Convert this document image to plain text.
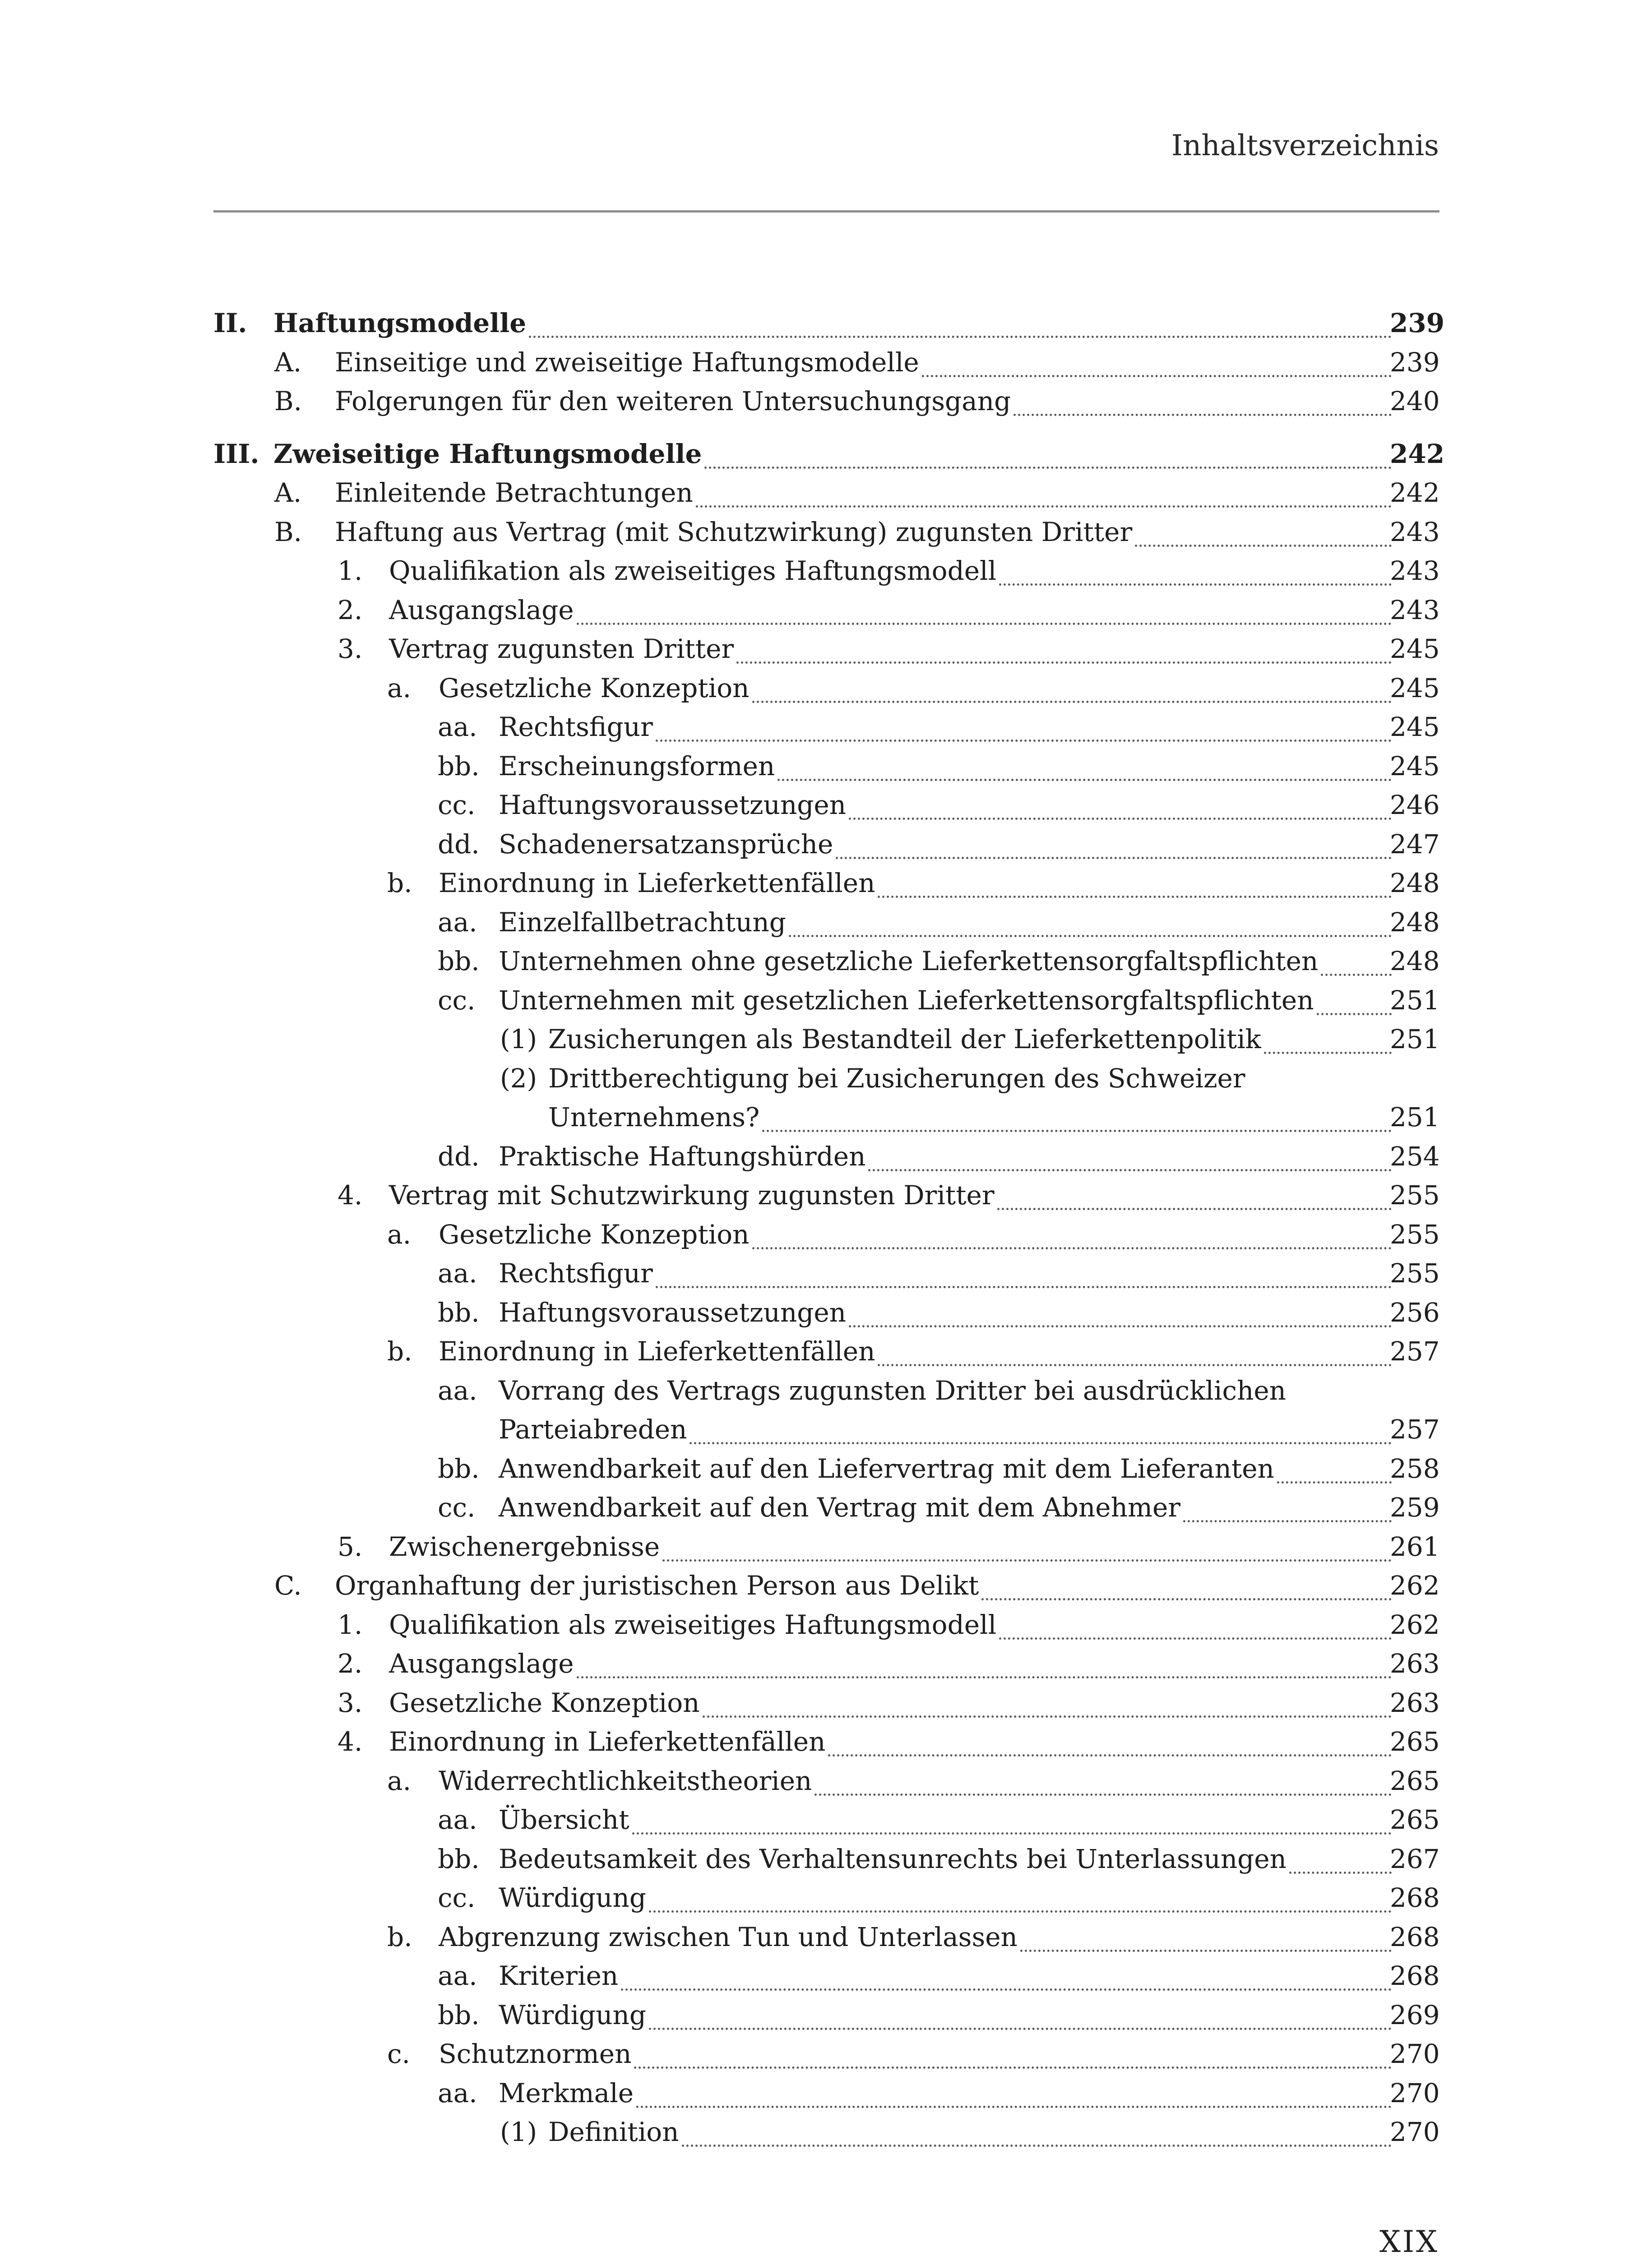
Inhaltsverzeichnis
II. Haftungsmodelle	239
A. Einseitige und zweiseitige Haftungsmodelle	239
B. Folgerungen für den weiteren Untersuchungsgang	240
III. Zweiseitige Haftungsmodelle	242
A. Einleitende Betrachtungen	242
B. Haftung aus Vertrag (mit Schutzwirkung) zugunsten Dritter	243
1. Qualifikation als zweiseitiges Haftungsmodell	243
2. Ausgangslage	243
3. Vertrag zugunsten Dritter	245
a. Gesetzliche Konzeption	245
aa. Rechtsfigur	245
bb. Erscheinungsformen	245
cc. Haftungsvoraussetzungen	246
dd. Schadenersatzansprüche	247
b. Einordnung in Lieferkettenfällen	248
aa. Einzelfallbetrachtung	248
bb. Unternehmen ohne gesetzliche Lieferkettensorgfaltspflichten	248
cc. Unternehmen mit gesetzlichen Lieferkettensorgfaltspflichten	251
(1) Zusicherungen als Bestandteil der Lieferkettenpolitik	251
(2) Drittberechtigung bei Zusicherungen des Schweizer
Unternehmens?	251
dd. Praktische Haftungshürden	254
4. Vertrag mit Schutzwirkung zugunsten Dritter	255
a. Gesetzliche Konzeption	255
aa. Rechtsfigur	255
bb. Haftungsvoraussetzungen	256
b. Einordnung in Lieferkettenfällen	257
aa. Vorrang des Vertrags zugunsten Dritter bei ausdrücklichen
Parteiabreden	257
bb. Anwendbarkeit auf den Liefervertrag mit dem Lieferanten	258
cc. Anwendbarkeit auf den Vertrag mit dem Abnehmer	259
5. Zwischenergebnisse	261
C. Organhaftung der juristischen Person aus Delikt	262
1. Qualifikation als zweiseitiges Haftungsmodell	262
2. Ausgangslage	263
3. Gesetzliche Konzeption	263
4. Einordnung in Lieferkettenfällen	265
a. Widerrechtlichkeitstheorien	265
aa. Übersicht	265
bb. Bedeutsamkeit des Verhaltensunrechts bei Unterlassungen	267
cc. Würdigung	268
b. Abgrenzung zwischen Tun und Unterlassen	268
aa. Kriterien	268
bb. Würdigung	269
c. Schutznormen	270
aa. Merkmale	270
(1) Definition	270
XIX
